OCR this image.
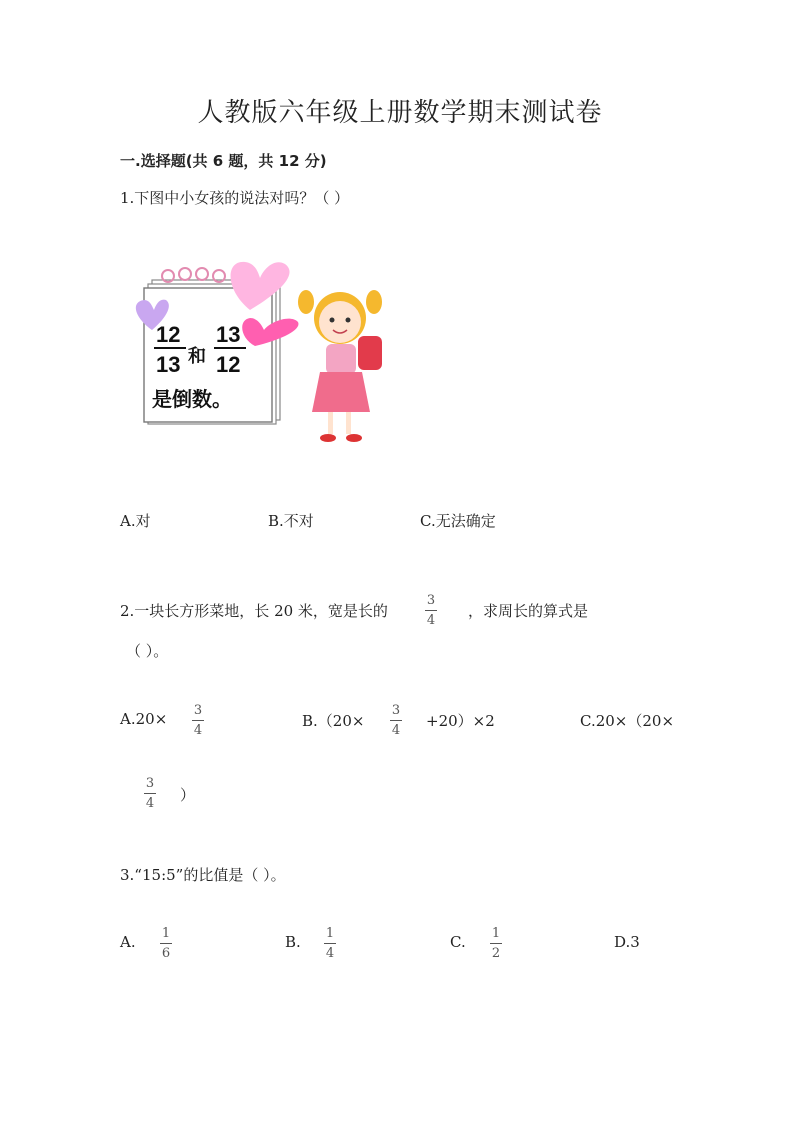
人教版六年级上册数学期末测试卷
一.选择题(共 6 题，共 12 分)
1.下图中小女孩的说法对吗？（ ）
12
13 和
13
12
是倒数。
A.对	B.不对	C.无法确定
2.一块长方形菜地，长 20 米，宽是长的
3
4
，求周长的算式是
（ ）。
A.20× 3
4
B.（20×
3
4
+20）×2	C.20×（20×
3
4 ）
3.“15:5”的比值是（ ）。
A. 1
6
B. 1
4
C. 1
2
D.3
